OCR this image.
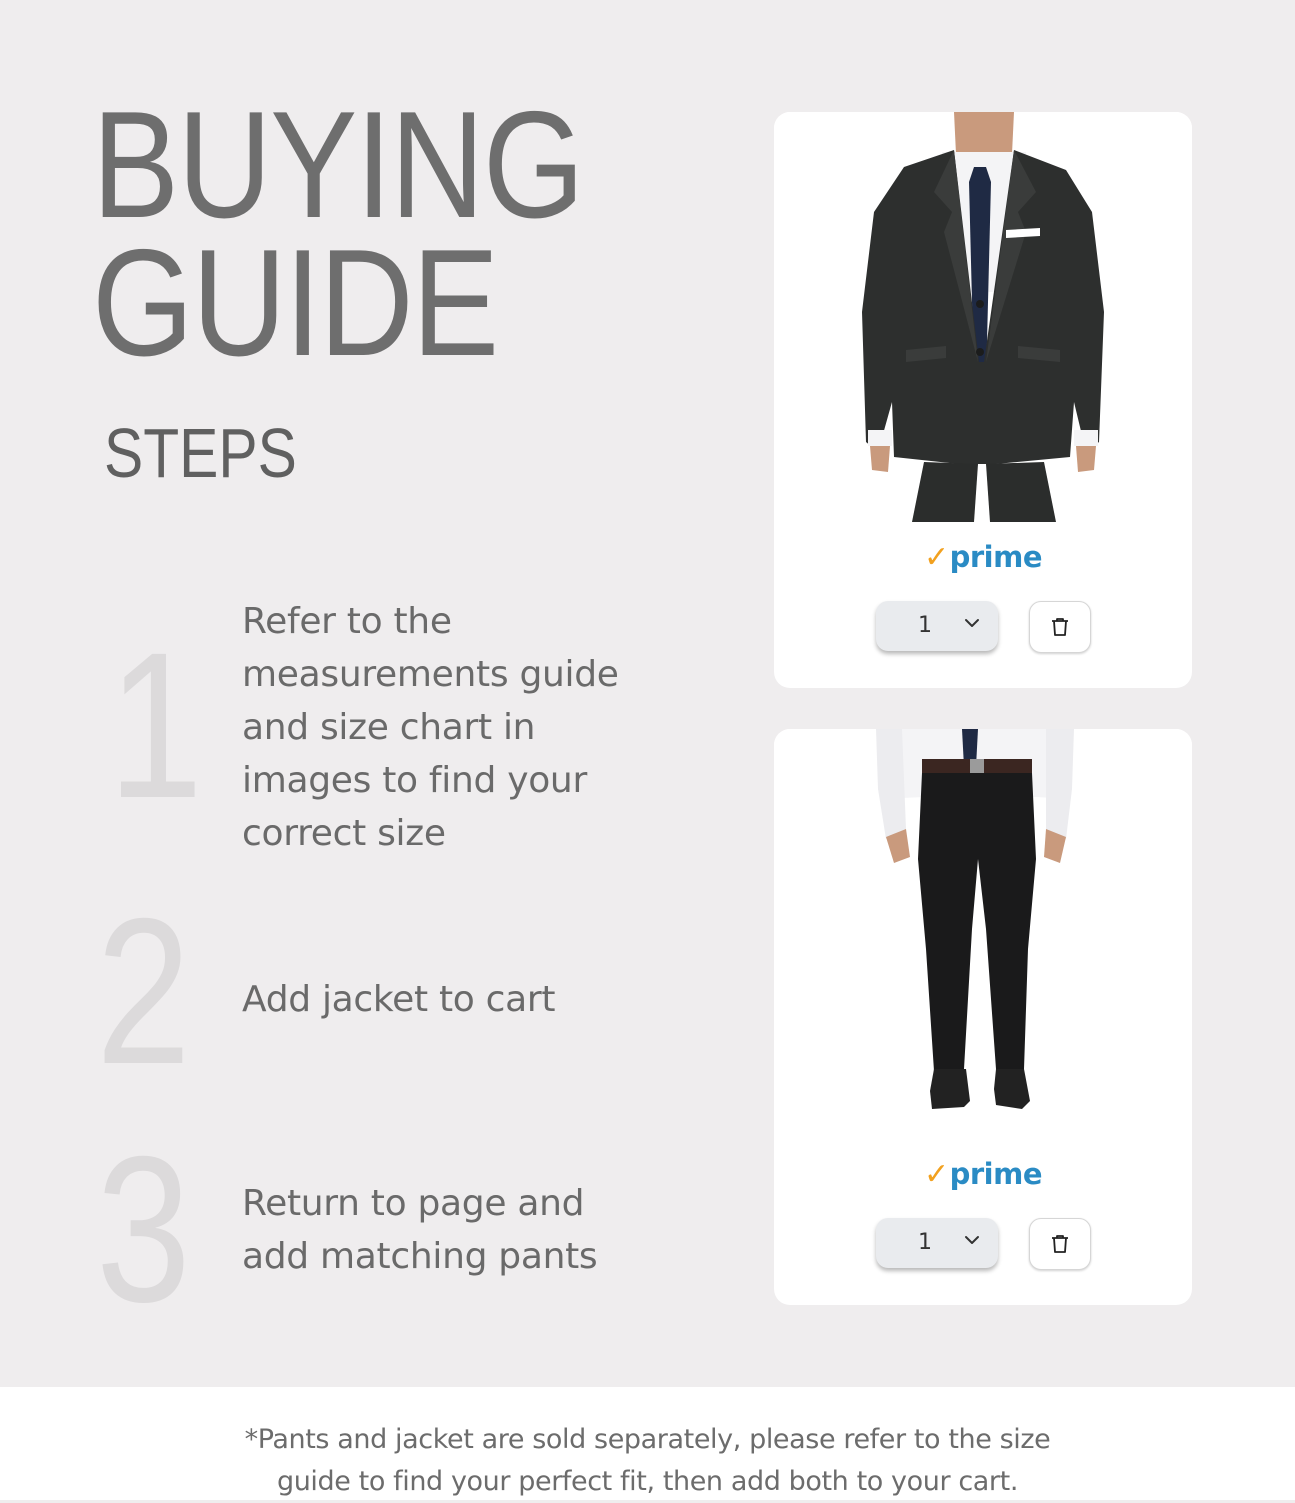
BUYING
GUIDE
STEPS
1 Refer to the measurements guide and size chart in images to find your correct size

2 Add jacket to cart

3 Return to page and add matching pants

✓prime
1
✓prime
1

*Pants and jacket are sold separately, please refer to the size
guide to find your perfect fit, then add both to your cart.
